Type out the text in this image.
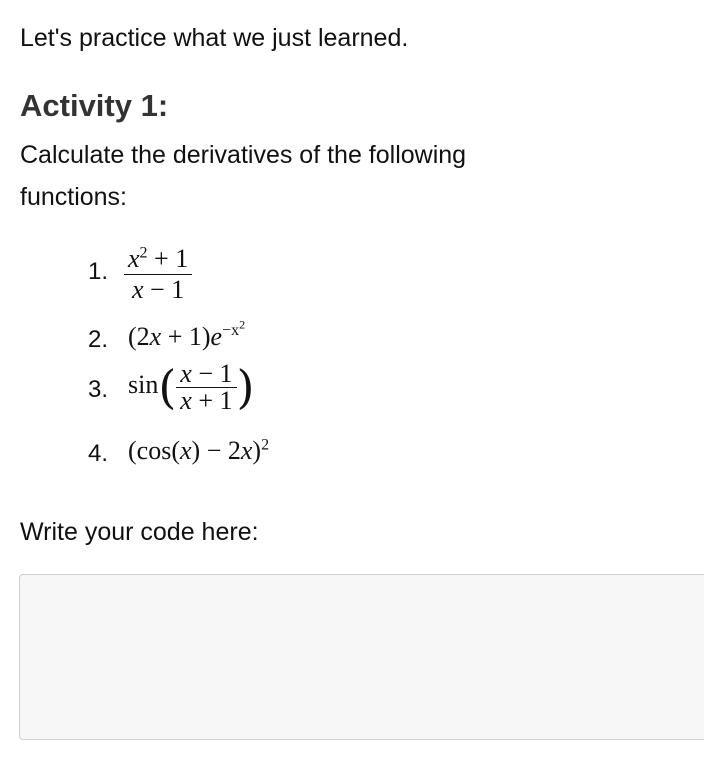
Let's practice what we just learned.
Activity 1:
Calculate the derivatives of the following functions:
1. $\frac{x^2 + 1}{x - 1}$
2. $(2x + 1)e^{-x^2}$
3. $\sin( \frac{x - 1}{x + 1}$ )
4. $(\cos(x) - 2x)^2$
Write your code here:
